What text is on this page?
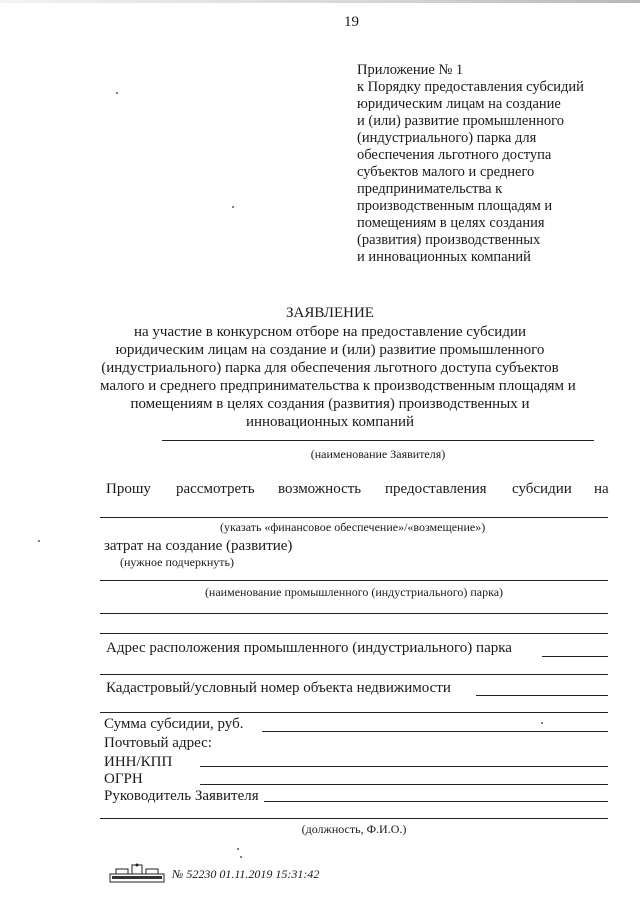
19
Приложение № 1
к Порядку предоставления субсидий
юридическим лицам на создание
и (или) развитие промышленного
(индустриального) парка для
обеспечения льготного доступа
субъектов малого и среднего
предпринимательства к
производственным площадям и
помещениям в целях создания
(развития) производственных
и инновационных компаний
ЗАЯВЛЕНИЕ
на участие в конкурсном отборе на предоставление субсидии
юридическим лицам на создание и (или) развитие промышленного
(индустриального) парка для обеспечения льготного доступа субъектов
малого и среднего предпринимательства к производственным площадям и
помещениям в целях создания (развития) производственных и
инновационных компаний
(наименование Заявителя)
Прошу рассмотреть возможность предоставления субсидии на
(указать «финансовое обеспечение»/«возмещение»)
затрат на создание (развитие)
(нужное подчеркнуть)
(наименование промышленного (индустриального) парка)
Адрес расположения промышленного (индустриального) парка
Кадастровый/условный номер объекта недвижимости
Сумма субсидии, руб.
Почтовый адрес:
ИНН/КПП
ОГРН
Руководитель Заявителя
(должность, Ф.И.О.)
№ 52230 01.11.2019 15:31:42
